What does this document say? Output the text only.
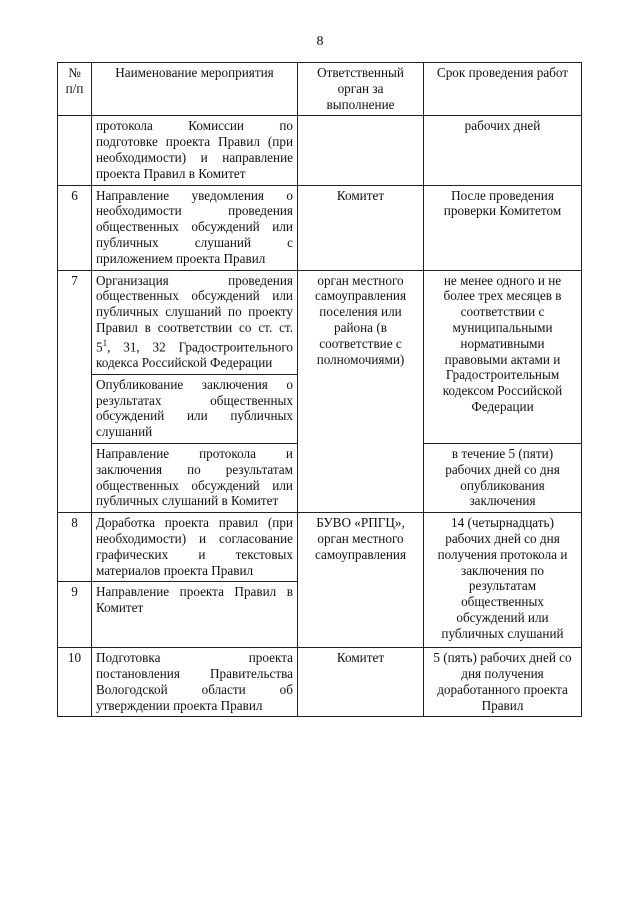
8
№ п/п	Наименование мероприятия	Ответственный орган за выполнение	Срок проведения работ
	протокола Комиссии по подготовке проекта Правил (при необходимости) и направление проекта Правил в Комитет		рабочих дней
6	Направление уведомления о необходимости проведения общественных обсуждений или публичных слушаний с приложением проекта Правил	Комитет	После проведения проверки Комитетом
7	Организация проведения общественных обсуждений или публичных слушаний по проекту Правил в соответствии со ст. ст. $5^1$, 31, 32 Градостроительного кодекса Российской Федерации	орган местного самоуправления поселения или района (в соответствие с полномочиями)	не менее одного и не более трех месяцев в соответствии с муниципальными нормативными правовыми актами и Градостроительным кодексом Российской Федерации
	Опубликование заключения о результатах общественных обсуждений или публичных слушаний		
	Направление протокола и заключения по результатам общественных обсуждений или публичных слушаний в Комитет		в течение 5 (пяти) рабочих дней со дня опубликования заключения
8	Доработка проекта правил (при необходимости) и согласование графических и текстовых материалов проекта Правил	БУВО «РПГЦ», орган местного самоуправления	14 (четырнадцать) рабочих дней со дня получения протокола и заключения по результатам общественных обсуждений или публичных слушаний
9	Направление проекта Правил в Комитет		
10	Подготовка проекта постановления Правительства Вологодской области об утверждении проекта Правил	Комитет	5 (пять) рабочих дней со дня получения доработанного проекта Правил
